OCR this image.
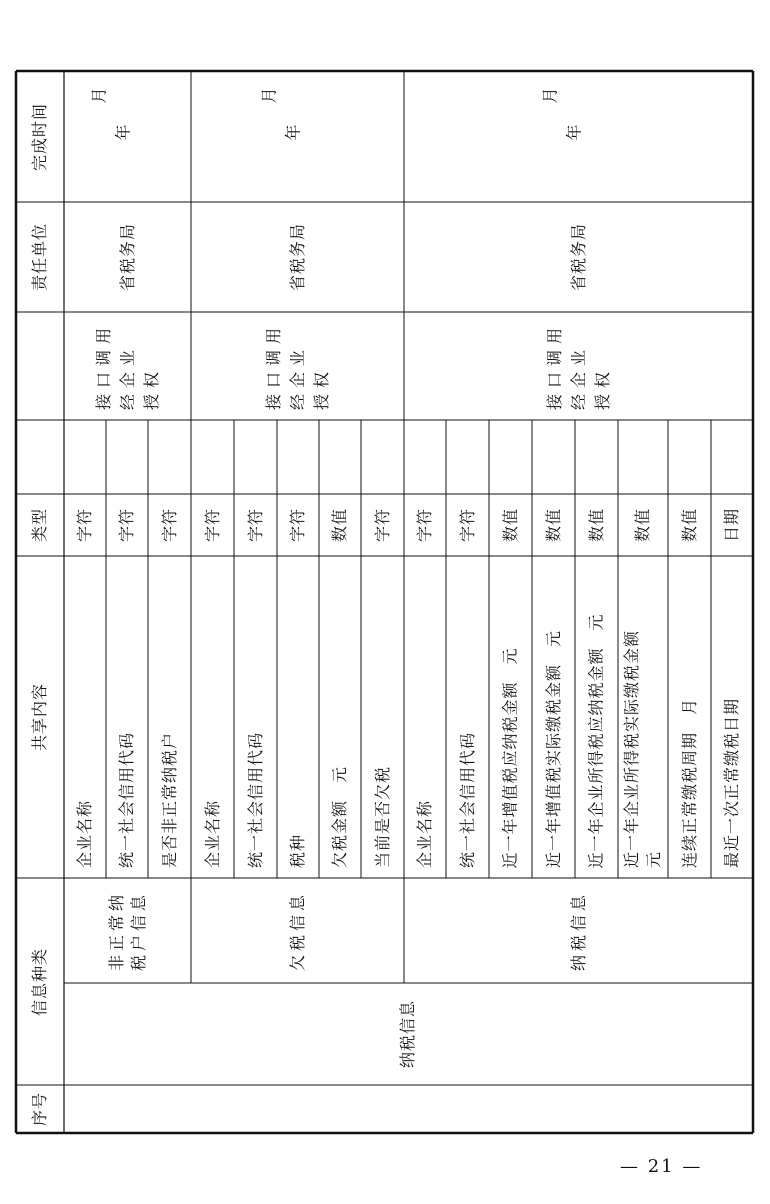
完成时间
责任单位
类型
共享内容
信息种类
序号
纳税信息
非正常纳 税户信息
接口调用 经企业 授权
省税务局
月
年
字符
企业名称
字符
统一社会信用代码
字符
是否非正常纳税户
欠税信息
接口调用 经企业 授权
省税务局
月
年
字符
企业名称
字符
统一社会信用代码
字符
税种
数值
欠税金额　元
字符
当前是否欠税
纳税信息
接口调用 经企业 授权
省税务局
月
年
字符
企业名称
字符
统一社会信用代码
数值
近一年增值税应纳税金额　元
数值
近一年增值税实际缴税金额　元
数值
近一年企业所得税应纳税金额　元
数值
近一年企业所得税实际缴税金额 元
数值
连续正常缴税周期　月
日期
最近一次正常缴税日期
— 21 —
